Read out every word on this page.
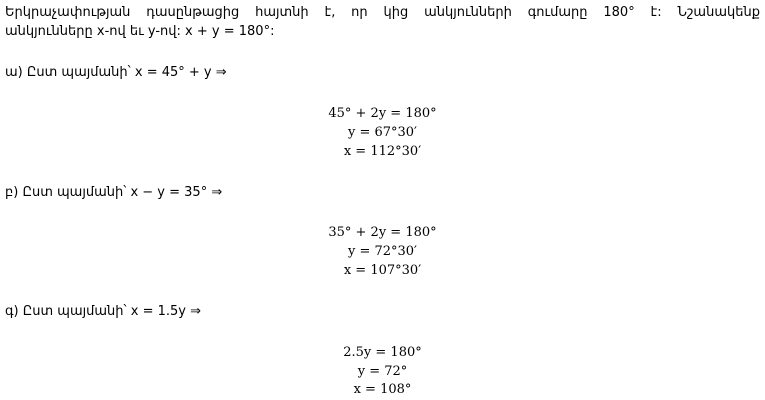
Երկրաչափության դասընթացից հայտնի է, որ կից անկյունների գումարը 180° է: Նշանակենք
անկյունները x-ով եւ y-ով: x + y = 180°:
ա) Ըստ պայմանի՝ x = 45° + y ⇒
45° + 2y = 180°
y = 67°30′
x = 112°30′
բ) Ըստ պայմանի՝ x − y = 35° ⇒
35° + 2y = 180°
y = 72°30′
x = 107°30′
գ) Ըստ պայմանի՝ x = 1.5y ⇒
2.5y = 180°
y = 72°
x = 108°
